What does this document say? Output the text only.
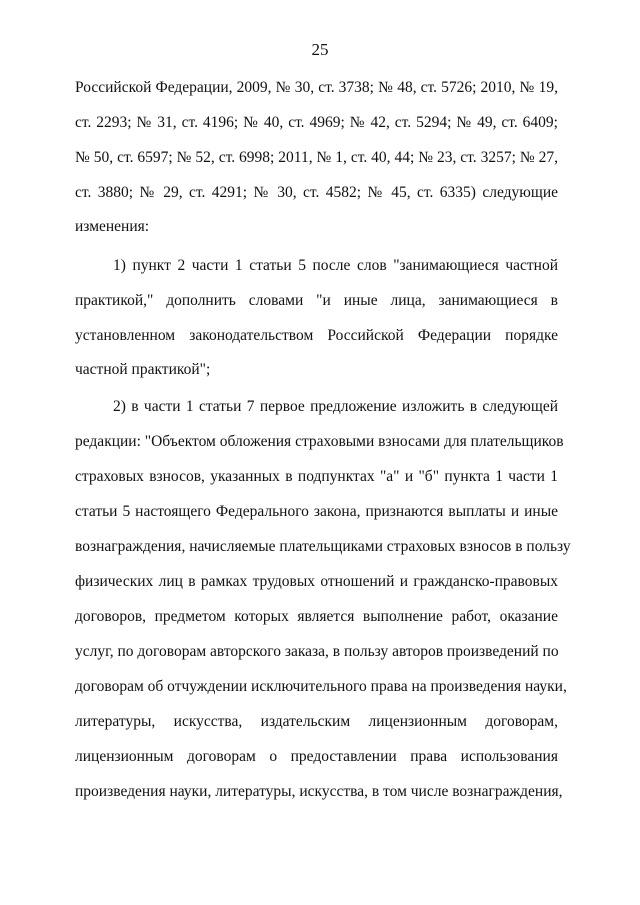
25
Российской Федерации, 2009, № 30, ст. 3738; № 48, ст. 5726; 2010, № 19,
ст. 2293; № 31, ст. 4196; № 40, ст. 4969; № 42, ст. 5294; № 49, ст. 6409;
№ 50, ст. 6597; № 52, ст. 6998; 2011, № 1, ст. 40, 44; № 23, ст. 3257; № 27,
ст. 3880; № 29, ст. 4291; № 30, ст. 4582; № 45, ст. 6335) следующие
изменения:
1) пункт 2 части 1 статьи 5 после слов "занимающиеся частной
практикой," дополнить словами "и иные лица, занимающиеся в
установленном законодательством Российской Федерации порядке
частной практикой";
2) в части 1 статьи 7 первое предложение изложить в следующей
редакции: "Объектом обложения страховыми взносами для плательщиков
страховых взносов, указанных в подпунктах "а" и "б" пункта 1 части 1
статьи 5 настоящего Федерального закона, признаются выплаты и иные
вознаграждения, начисляемые плательщиками страховых взносов в пользу
физических лиц в рамках трудовых отношений и гражданско-правовых
договоров, предметом которых является выполнение работ, оказание
услуг, по договорам авторского заказа, в пользу авторов произведений по
договорам об отчуждении исключительного права на произведения науки,
литературы, искусства, издательским лицензионным договорам,
лицензионным договорам о предоставлении права использования
произведения науки, литературы, искусства, в том числе вознаграждения,
